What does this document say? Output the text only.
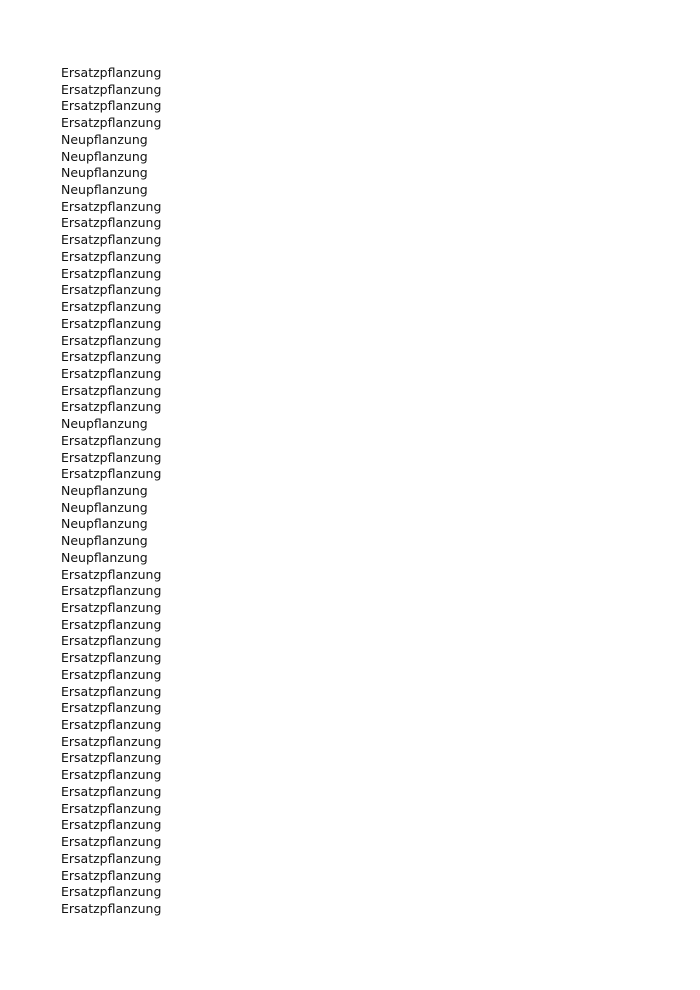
Ersatzpflanzung
Ersatzpflanzung
Ersatzpflanzung
Ersatzpflanzung
Neupflanzung
Neupflanzung
Neupflanzung
Neupflanzung
Ersatzpflanzung
Ersatzpflanzung
Ersatzpflanzung
Ersatzpflanzung
Ersatzpflanzung
Ersatzpflanzung
Ersatzpflanzung
Ersatzpflanzung
Ersatzpflanzung
Ersatzpflanzung
Ersatzpflanzung
Ersatzpflanzung
Ersatzpflanzung
Neupflanzung
Ersatzpflanzung
Ersatzpflanzung
Ersatzpflanzung
Neupflanzung
Neupflanzung
Neupflanzung
Neupflanzung
Neupflanzung
Ersatzpflanzung
Ersatzpflanzung
Ersatzpflanzung
Ersatzpflanzung
Ersatzpflanzung
Ersatzpflanzung
Ersatzpflanzung
Ersatzpflanzung
Ersatzpflanzung
Ersatzpflanzung
Ersatzpflanzung
Ersatzpflanzung
Ersatzpflanzung
Ersatzpflanzung
Ersatzpflanzung
Ersatzpflanzung
Ersatzpflanzung
Ersatzpflanzung
Ersatzpflanzung
Ersatzpflanzung
Ersatzpflanzung
